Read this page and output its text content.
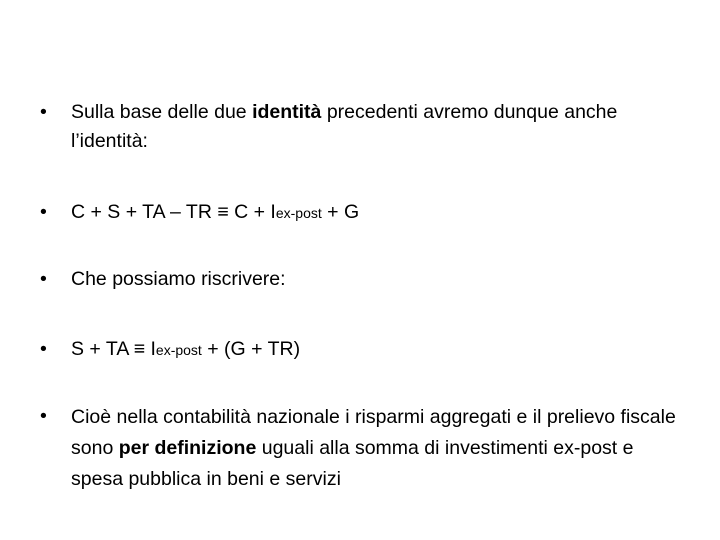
•	Sulla base delle due identità precedenti avremo dunque anche l’identità:
•	C + S + TA – TR ≡ C + Iex-post + G
•	Che possiamo riscrivere:
•	S + TA ≡ Iex-post + (G + TR)
•	Cioè nella contabilità nazionale i risparmi aggregati e il prelievo fiscale sono per definizione uguali alla somma di investimenti ex-post e spesa pubblica in beni e servizi
